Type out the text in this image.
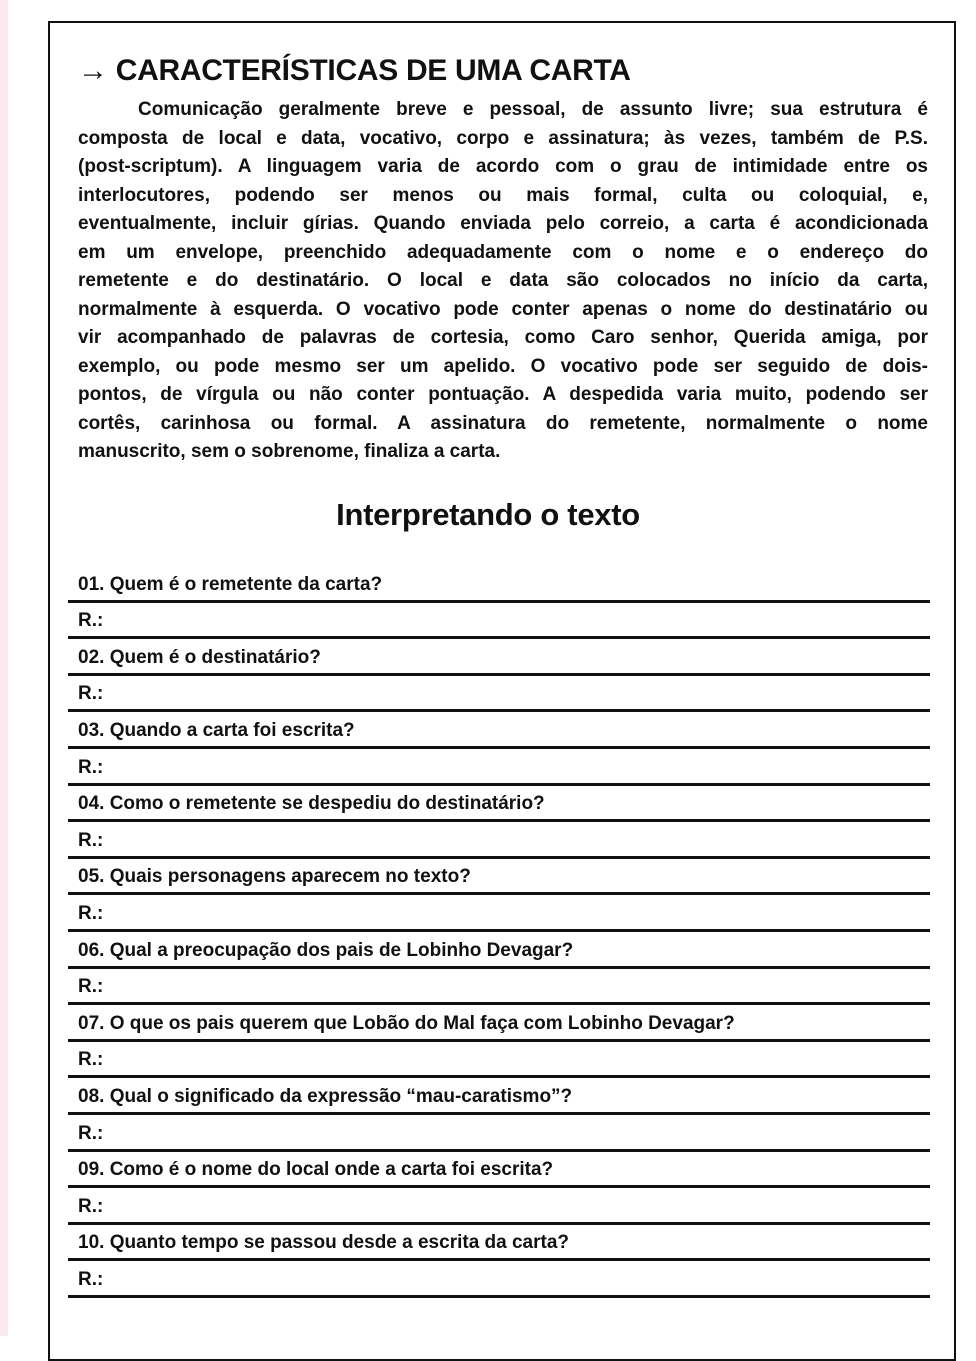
→ CARACTERÍSTICAS DE UMA CARTA
Comunicação geralmente breve e pessoal, de assunto livre; sua estrutura é
composta de local e data, vocativo, corpo e assinatura; às vezes, também de P.S.
(post-scriptum). A linguagem varia de acordo com o grau de intimidade entre os
interlocutores, podendo ser menos ou mais formal, culta ou coloquial, e,
eventualmente, incluir gírias. Quando enviada pelo correio, a carta é acondicionada
em um envelope, preenchido adequadamente com o nome e o endereço do
remetente e do destinatário. O local e data são colocados no início da carta,
normalmente à esquerda. O vocativo pode conter apenas o nome do destinatário ou
vir acompanhado de palavras de cortesia, como Caro senhor, Querida amiga, por
exemplo, ou pode mesmo ser um apelido. O vocativo pode ser seguido de dois-
pontos, de vírgula ou não conter pontuação. A despedida varia muito, podendo ser
cortês, carinhosa ou formal. A assinatura do remetente, normalmente o nome
manuscrito, sem o sobrenome, finaliza a carta.
Interpretando o texto
01. Quem é o remetente da carta?
R.:
02. Quem é o destinatário?
R.:
03. Quando a carta foi escrita?
R.:
04. Como o remetente se despediu do destinatário?
R.:
05. Quais personagens aparecem no texto?
R.:
06. Qual a preocupação dos pais de Lobinho Devagar?
R.:
07. O que os pais querem que Lobão do Mal faça com Lobinho Devagar?
R.:
08. Qual o significado da expressão “mau-caratismo”?
R.:
09. Como é o nome do local onde a carta foi escrita?
R.:
10. Quanto tempo se passou desde a escrita da carta?
R.:
